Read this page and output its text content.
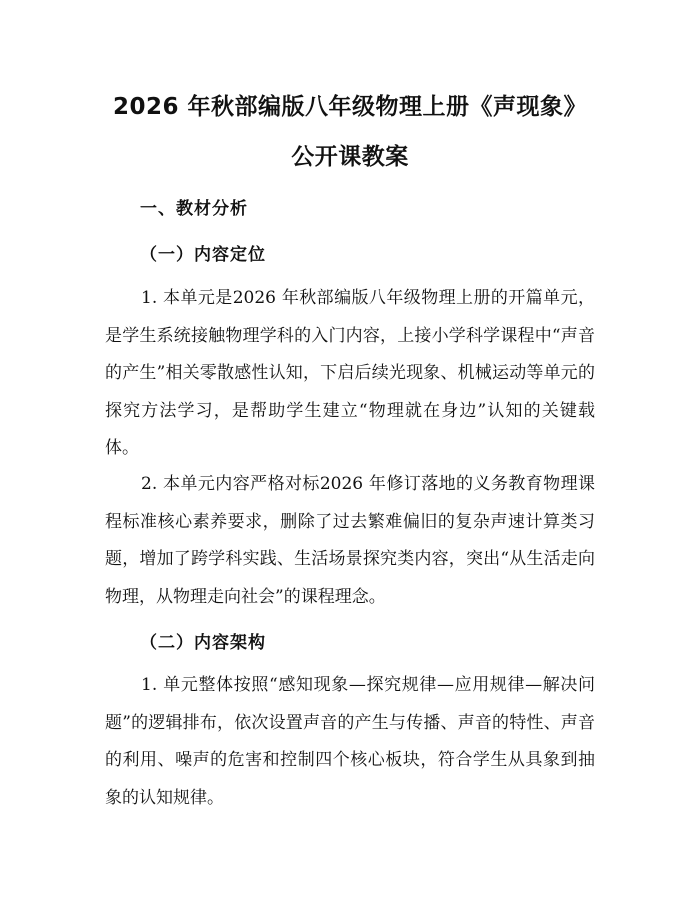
2026 年秋部编版八年级物理上册《声现象》
公开课教案
一、教材分析
（一）内容定位

1. 本单元是2026 年秋部编版八年级物理上册的开篇单元，是学生系统接触物理学科的入门内容，上接小学科学课程中“声音的产生”相关零散感性认知，下启后续光现象、机械运动等单元的探究方法学习，是帮助学生建立“物理就在身边”认知的关键载体。

2. 本单元内容严格对标2026 年修订落地的义务教育物理课程标准核心素养要求，删除了过去繁难偏旧的复杂声速计算类习题，增加了跨学科实践、生活场景探究类内容，突出“从生活走向物理，从物理走向社会”的课程理念。

（二）内容架构

1. 单元整体按照“感知现象—探究规律—应用规律—解决问题”的逻辑排布，依次设置声音的产生与传播、声音的特性、声音的利用、噪声的危害和控制四个核心板块，符合学生从具象到抽象的认知规律。
